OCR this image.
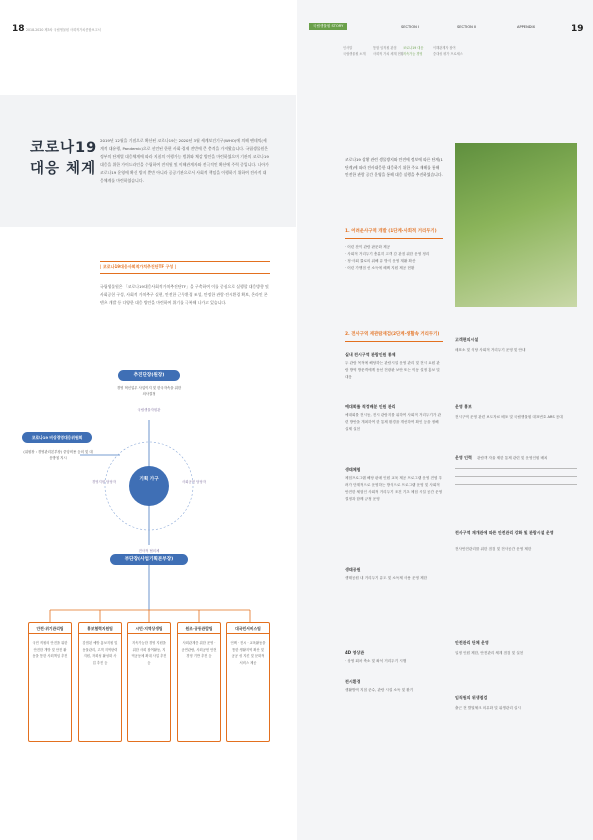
18 2018-2020 제3차 국립생물원 사회적가치종합보고서
코로나19
대응 체계
2019년 12월을 기점으로 확산된 코로나19는 2020년 3월 세계보건기구(WHO)에 의해 팬데믹(세계적 대유행, Pandemic)으로 선언된 한편 사회·경제 전반에 큰 충격을 가져왔습니다. 국립생물원은 정부의 단계별 대응체계에 따라 지침의 이행가능 범위와 체감 방안을 마련하였으며 기관의 코로나19 대응을 위한 가이드라인을 수립하여 전직원 및 이해관계자와 전극적인 확산에 주력 중입니다. 나아가 코로나19 운영에 확신 방지 뿐만 아니라 공공기관으로서 사회적 책임을 이행하기 위하여 전사적 대응체계를 마련하였습니다.
| 코로나19대응사회적가치추진단TF 구성 |
국립생물원은 「코로나19대응사회적가치추진단TF」을 구축하여 이를 중심으로 실행할 대응방향 및 사회공헌 구성, 사회적 가치추구 실현, 안전한 근무환경 조성, 안정한 관람·전시환경 확보, 온라인 콘텐츠 개발 등 다양한 대응 방안을 마련하여 위기를 극복해 나가고 있습니다.
추진단장(원장)
경영 혁신업무 사업이지 및 한국자속을 위한 의사결정
코로나19 비상경영대응위원회
(위원장 : 경영관리본부장) 중앙비용 등의 및 대응방침 지시
국립생물자원관
경영지원 담당자	사회공헌 담당자
전사적 협의체
기획 가구
부단장(사업기획본부장)
안전·위기관리팀
국민 직원의 안전을 위한 안전한 개방 및 안전 활동을 통한 사회책임 추진
홍보협력지원팀
감염된 예방 홍보지원 및 동물관리, 고객 지역탄력 지원, 자회성 활성화 사업 추진 등
시민·지역상생팀
지속가능한 경영 지원을 위한 사회 참여활동, 지역공동체 확대 사업 추진 등
원조·공동관람팀
사회관계층 위한 운영 · 공연관람, 사회공헌 안전경영 기반 추진 등
대국민서비스팀
언택 · 전시 · 교육활동을 통한 생활지역 확산 및 공공 성 지킨 및 문화적 서비스 제공
19
국립생물원 STORY	SECTION Ⅰ	SECTION Ⅱ	APPENDIX
인사말
국립생물원 소개
통합 임직원 관점
사회적 가치 체계 현황
코로나19 대응
지속가능 경영
이해관계자 참여
중대성 평가 프로세스
코로나19 상황 관련 생물방지와 안전에 정보에 따른 단계(1단계)에 따라 전사대응한 대응하기 위한 주요 재해를 통해 안전한 관람 공간 운영을 통해 대응 실행을 추진하였습니다.
1. 어려운사구역 개발 (1단계·사회적 거리두기)
· 어린 찬이 관람 판문화 제공
· 사회적 거리두기 충분히 고객 감 관점 위한 운영 정리
· 정·사회 쿨로의 위해 유 방식 운영 재활 확산
· 어린 가맹점 선 소득에 혜택 지원 제공 현황
2. 전사구역 재관람재검(2단계·생활속 거리두기)
실내 전시구역 관람인원 통제
두 관람 목적에 해당하는 관람시설 운영 관리 및 전시 요원 관람 방역 방문객에게 동선 전광판 보안 또는 이동 설정 홍보 및 대응
예대회를 적정배분 인원 관리
예대회를 전시동, 전시 관람지를 위하여 사회적 거리두기가 관련 방안을 개최하여 한 통제 환경을 개선하여 확인 등을 정해 실제 실천
생태체험
체험프로그램 해당 판매 인원 교육 제공 프로그램 운영 전염 우려가 단계적으로 운영하는 방식으로 프로그램 운영 및 사회적 안전한 체험인 사회적 거리두기 조건 기초 체험 시설 공간 운영 결정과 함께 규정 운영
생태공원
생태공원 내 거리두기 유도 및 소독제 사용 운영 제한
4D 영상관
· 상영 회차 축소 및 좌석 거리두기 시행
전시환경
생활방역 지침 준수, 관람 시설 소독 및 환기
고객편의시설
매표소 및 식당 사회적 거리두기 운영 및 안내
운영 홍보
전시구역 운영 관련 보도자료 배포 및 국립생물원 대표번호 ARS 응대
운영 인력 관람객 자율 제한 통제 관련 및 운영인원 배치

전사구역 재개관에 따른 안전관리 강화 및 관람시설 운영
전사안전관리를 위한 점검 및 전사공간 운영 제한
안전관리 단체 운영
일정 인원 제한, 안전관리 체계 점검 및 실천
임직원의 위생점검
출근 전 발열체크 의무화 및 위생관리 실시
